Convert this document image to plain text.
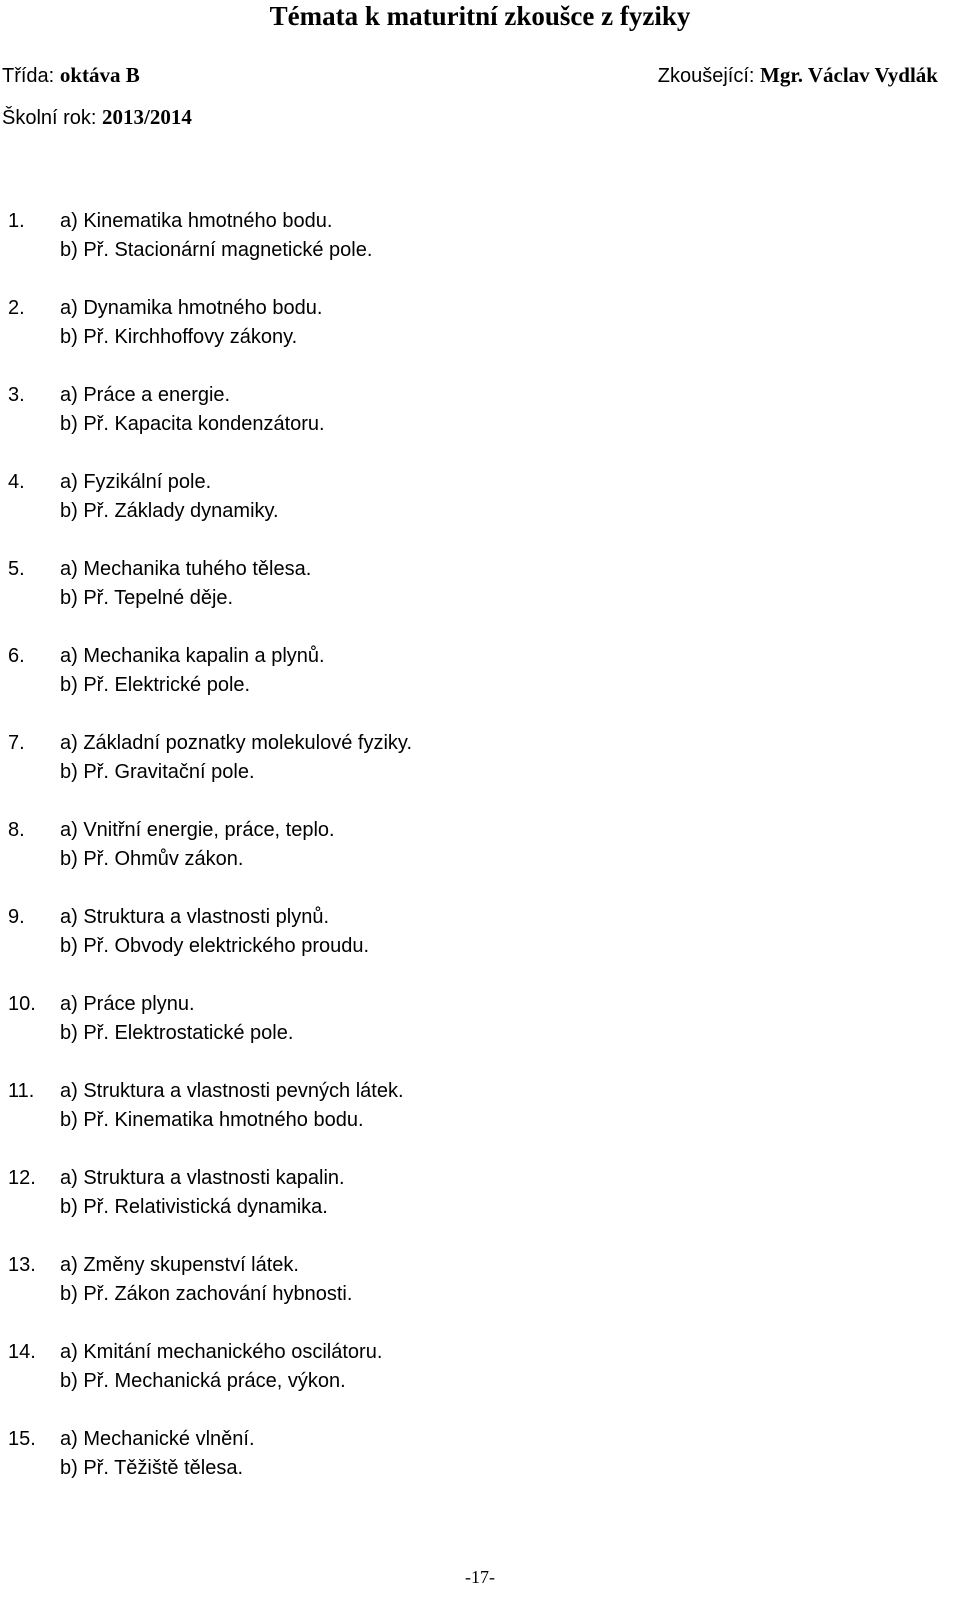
Témata k maturitní zkoušce z fyziky
Třída: oktáva B	Zkoušející: Mgr. Václav Vydlák
Školní rok: 2013/2014
1. a) Kinematika hmotného bodu.
b) Př. Stacionární magnetické pole.
2. a) Dynamika hmotného bodu.
b) Př. Kirchhoffovy zákony.
3. a) Práce a energie.
b) Př. Kapacita kondenzátoru.
4. a) Fyzikální pole.
b) Př. Základy dynamiky.
5. a) Mechanika tuhého tělesa.
b) Př. Tepelné děje.
6. a) Mechanika kapalin a plynů.
b) Př. Elektrické pole.
7. a) Základní poznatky molekulové fyziky.
b) Př. Gravitační pole.
8. a) Vnitřní energie, práce, teplo.
b) Př. Ohmův zákon.
9. a) Struktura a vlastnosti plynů.
b) Př. Obvody elektrického proudu.
10. a) Práce plynu.
b) Př. Elektrostatické pole.
11. a) Struktura a vlastnosti pevných látek.
b) Př. Kinematika hmotného bodu.
12. a) Struktura a vlastnosti kapalin.
b) Př. Relativistická dynamika.
13. a) Změny skupenství látek.
b) Př. Zákon zachování hybnosti.
14. a) Kmitání mechanického oscilátoru.
b) Př. Mechanická práce, výkon.
15. a) Mechanické vlnění.
b) Př. Těžiště tělesa.
-17-
